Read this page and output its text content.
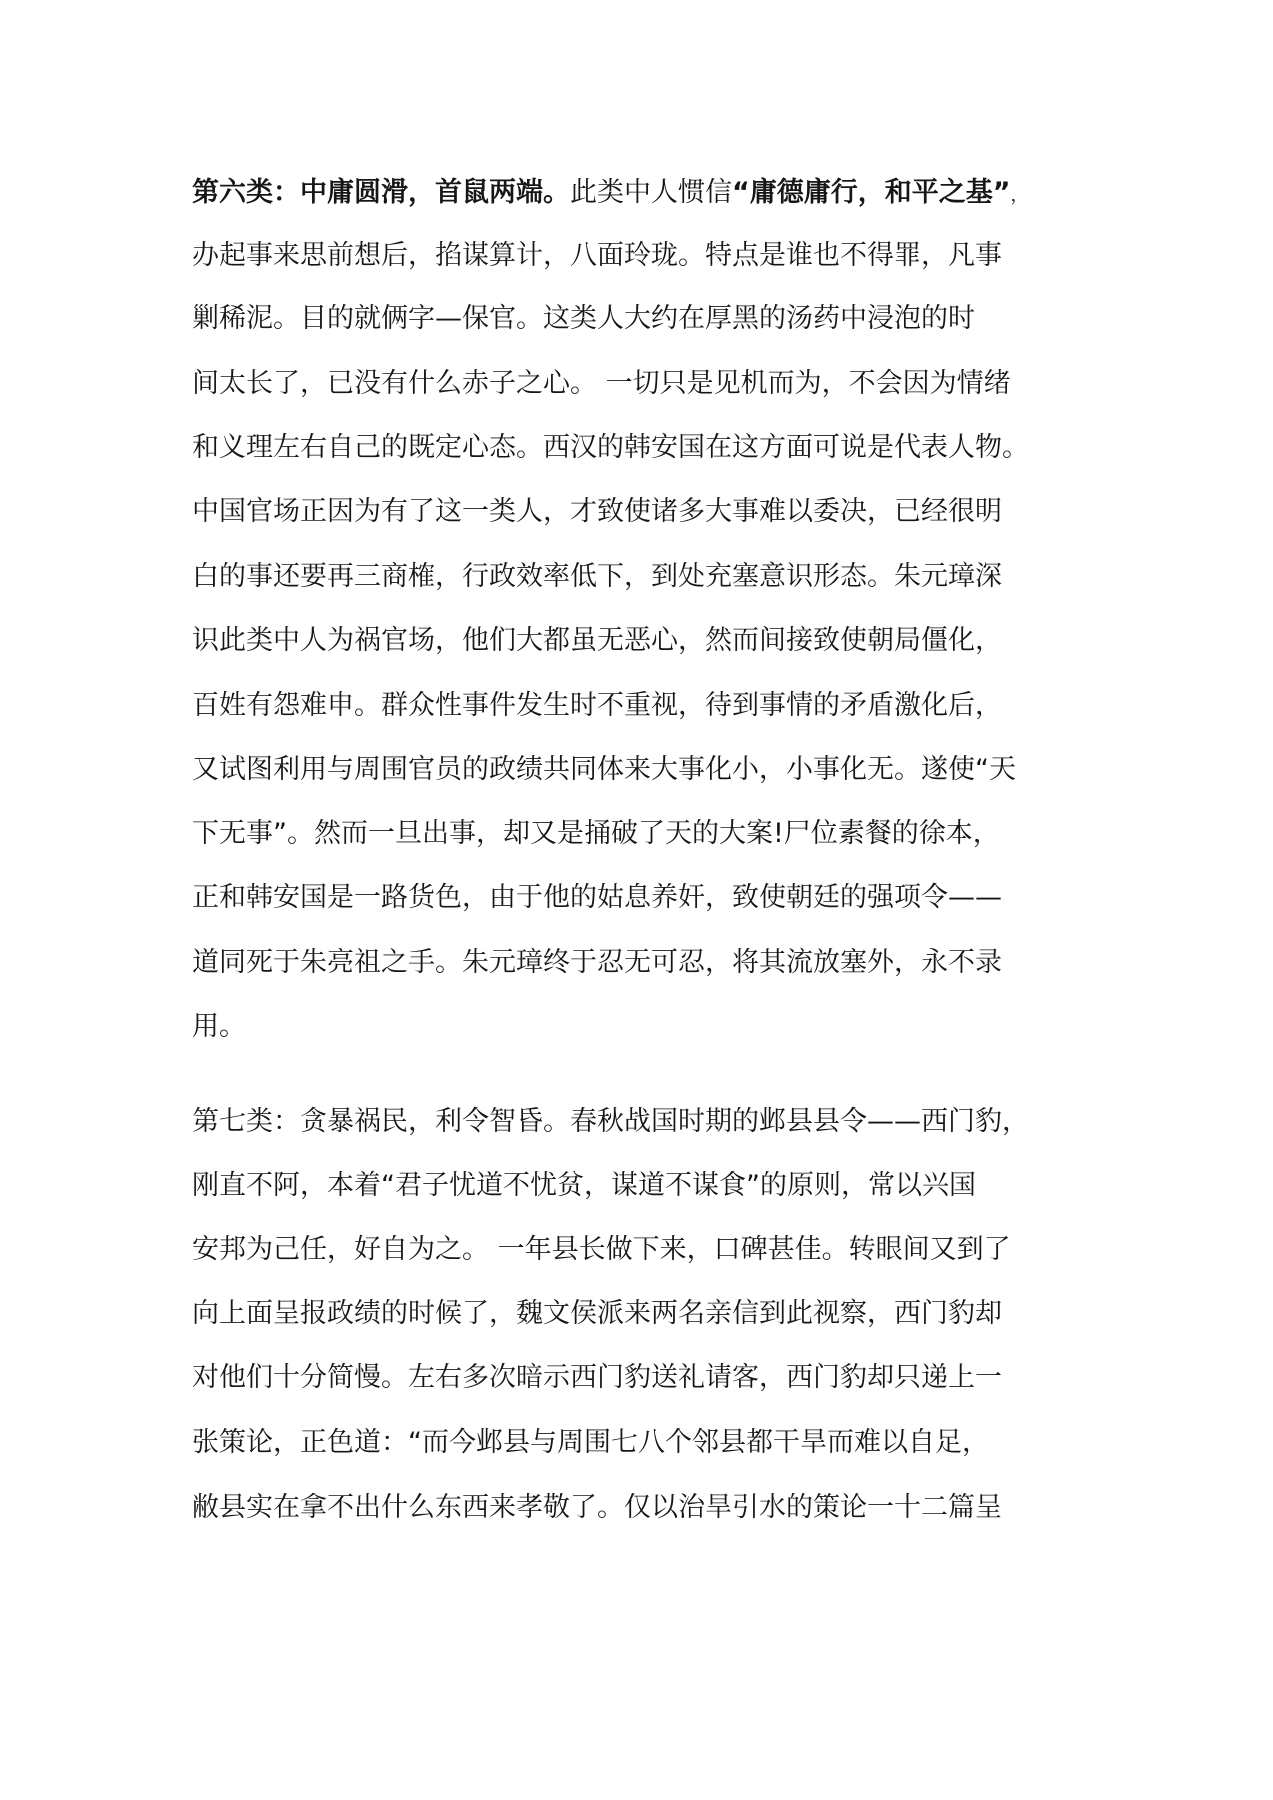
第六类：中庸圆滑，首鼠两端。此类中人惯信“庸德庸行，和平之基”，
办起事来思前想后，掐谋算计，八面玲珑。特点是谁也不得罪，凡事
剿稀泥。目的就俩字—保官。这类人大约在厚黑的汤药中浸泡的时
间太长了，已没有什么赤子之心。 一切只是见机而为，不会因为情绪
和义理左右自己的既定心态。西汉的韩安国在这方面可说是代表人物。
中国官场正因为有了这一类人，才致使诸多大事难以委决，已经很明
白的事还要再三商榷，行政效率低下，到处充塞意识形态。朱元璋深
识此类中人为祸官场，他们大都虽无恶心，然而间接致使朝局僵化，
百姓有怨难申。群众性事件发生时不重视，待到事情的矛盾激化后，
又试图利用与周围官员的政绩共同体来大事化小，小事化无。遂使“天
下无事”。然而一旦出事，却又是捅破了天的大案!尸位素餐的徐本，
正和韩安国是一路货色，由于他的姑息养奸，致使朝廷的强项令——
道同死于朱亮祖之手。朱元璋终于忍无可忍，将其流放塞外，永不录
用。
第七类：贪暴祸民，利令智昏。春秋战国时期的邺县县令——西门豹，
刚直不阿，本着“君子忧道不忧贫，谋道不谋食”的原则，常以兴国
安邦为己任，好自为之。 一年县长做下来，口碑甚佳。转眼间又到了
向上面呈报政绩的时候了，魏文侯派来两名亲信到此视察，西门豹却
对他们十分简慢。左右多次暗示西门豹送礼请客，西门豹却只递上一
张策论，正色道：“而今邺县与周围七八个邻县都干旱而难以自足，
敝县实在拿不出什么东西来孝敬了。仅以治旱引水的策论一十二篇呈
